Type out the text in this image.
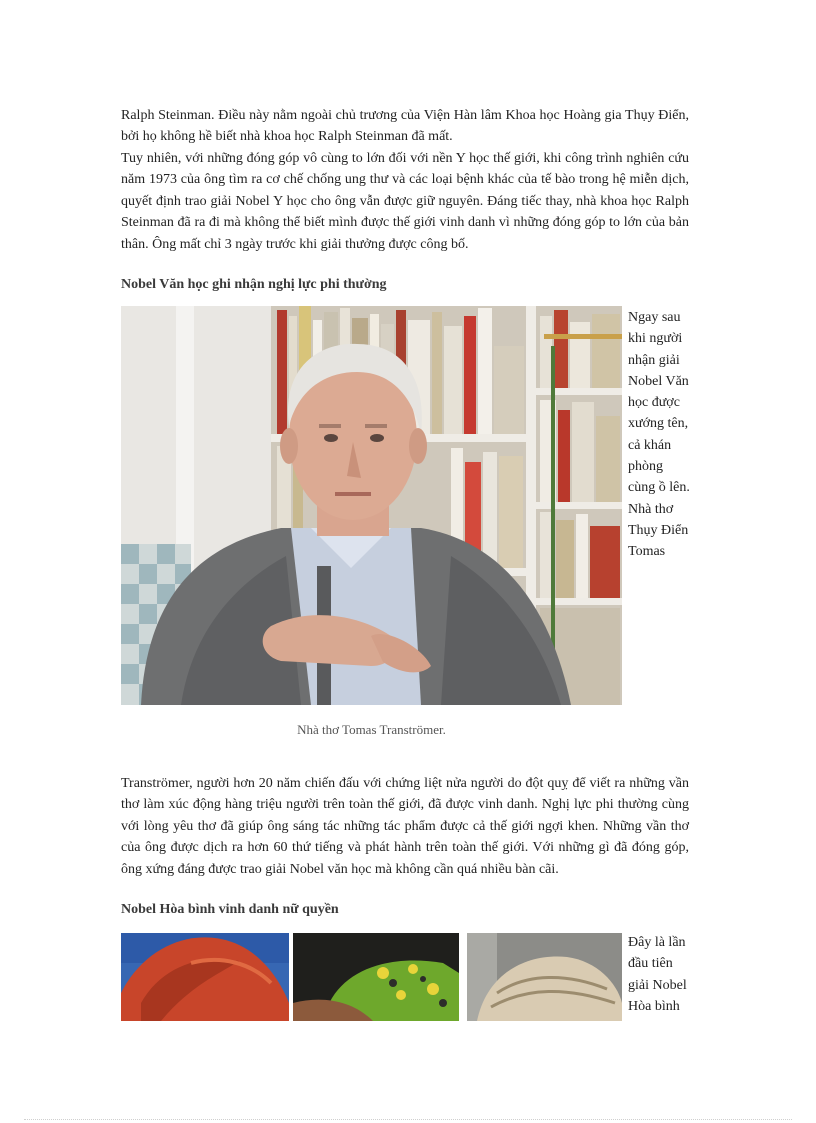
Ralph Steinman. Điều này nằm ngoài chủ trương của Viện Hàn lâm Khoa học Hoàng gia Thụy Điển, bởi họ không hề biết nhà khoa học Ralph Steinman đã mất.

Tuy nhiên, với những đóng góp vô cùng to lớn đối với nền Y học thế giới, khi công trình nghiên cứu năm 1973 của ông tìm ra cơ chế chống ung thư và các loại bệnh khác của tế bào trong hệ miễn dịch, quyết định trao giải Nobel Y học cho ông vẫn được giữ nguyên. Đáng tiếc thay, nhà khoa học Ralph Steinman đã ra đi mà không thể biết mình được thế giới vinh danh vì những đóng góp to lớn của bản thân. Ông mất chỉ 3 ngày trước khi giải thưởng được công bố.

Nobel Văn học ghi nhận nghị lực phi thường

Ngay sau khi người nhận giải Nobel Văn học được xướng tên, cả khán phòng cùng ồ lên. Nhà thơ Thụy Điển Tomas

Nhà thơ Tomas Tranströmer.

Tranströmer, người hơn 20 năm chiến đấu với chứng liệt nửa người do đột quỵ để viết ra những vần thơ làm xúc động hàng triệu người trên toàn thế giới, đã được vinh danh. Nghị lực phi thường cùng với lòng yêu thơ đã giúp ông sáng tác những tác phẩm được cả thế giới ngợi khen. Những vần thơ của ông được dịch ra hơn 60 thứ tiếng và phát hành trên toàn thế giới. Với những gì đã đóng góp, ông xứng đáng được trao giải Nobel văn học mà không cần quá nhiều bàn cãi.

Nobel Hòa bình vinh danh nữ quyền

Đây là lần đầu tiên giải Nobel Hòa bình
